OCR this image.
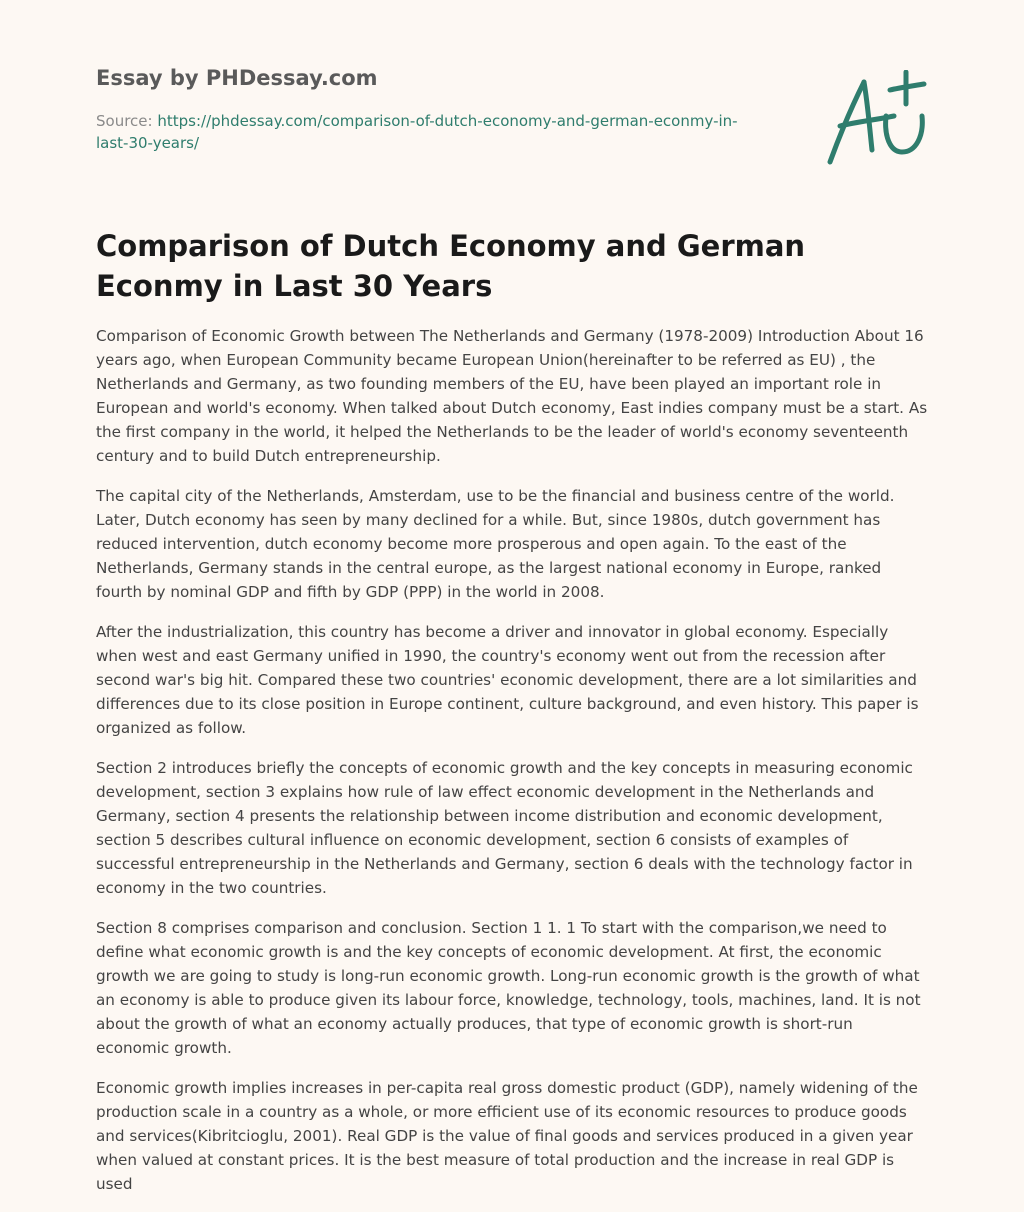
Essay by PHDessay.com
Source: https://phdessay.com/comparison-of-dutch-economy-and-german-econmy-in-last-30-years/
Comparison of Dutch Economy and German Econmy in Last 30 Years

Comparison of Economic Growth between The Netherlands and Germany (1978-2009) Introduction About 16 years ago, when European Community became European Union(hereinafter to be referred as EU) , the Netherlands and Germany, as two founding members of the EU, have been played an important role in European and world's economy. When talked about Dutch economy, East indies company must be a start. As the first company in the world, it helped the Netherlands to be the leader of world's economy seventeenth century and to build Dutch entrepreneurship.

The capital city of the Netherlands, Amsterdam, use to be the financial and business centre of the world. Later, Dutch economy has seen by many declined for a while. But, since 1980s, dutch government has reduced intervention, dutch economy become more prosperous and open again. To the east of the Netherlands, Germany stands in the central europe, as the largest national economy in Europe, ranked fourth by nominal GDP and fifth by GDP (PPP) in the world in 2008.

After the industrialization, this country has become a driver and innovator in global economy. Especially when west and east Germany unified in 1990, the country's economy went out from the recession after second war's big hit. Compared these two countries' economic development, there are a lot similarities and differences due to its close position in Europe continent, culture background, and even history. This paper is organized as follow.

Section 2 introduces briefly the concepts of economic growth and the key concepts in measuring economic development, section 3 explains how rule of law effect economic development in the Netherlands and Germany, section 4 presents the relationship between income distribution and economic development, section 5 describes cultural influence on economic development, section 6 consists of examples of successful entrepreneurship in the Netherlands and Germany, section 6 deals with the technology factor in economy in the two countries.

Section 8 comprises comparison and conclusion. Section 1 1. 1 To start with the comparison,we need to define what economic growth is and the key concepts of economic development. At first, the economic growth we are going to study is long-run economic growth. Long-run economic growth is the growth of what an economy is able to produce given its labour force, knowledge, technology, tools, machines, land. It is not about the growth of what an economy actually produces, that type of economic growth is short-run economic growth.

Economic growth implies increases in per-capita real gross domestic product (GDP), namely widening of the production scale in a country as a whole, or more efficient use of its economic resources to produce goods and services(Kibritcioglu, 2001). Real GDP is the value of final goods and services produced in a given year when valued at constant prices. It is the best measure of total production and the increase in real GDP is used
